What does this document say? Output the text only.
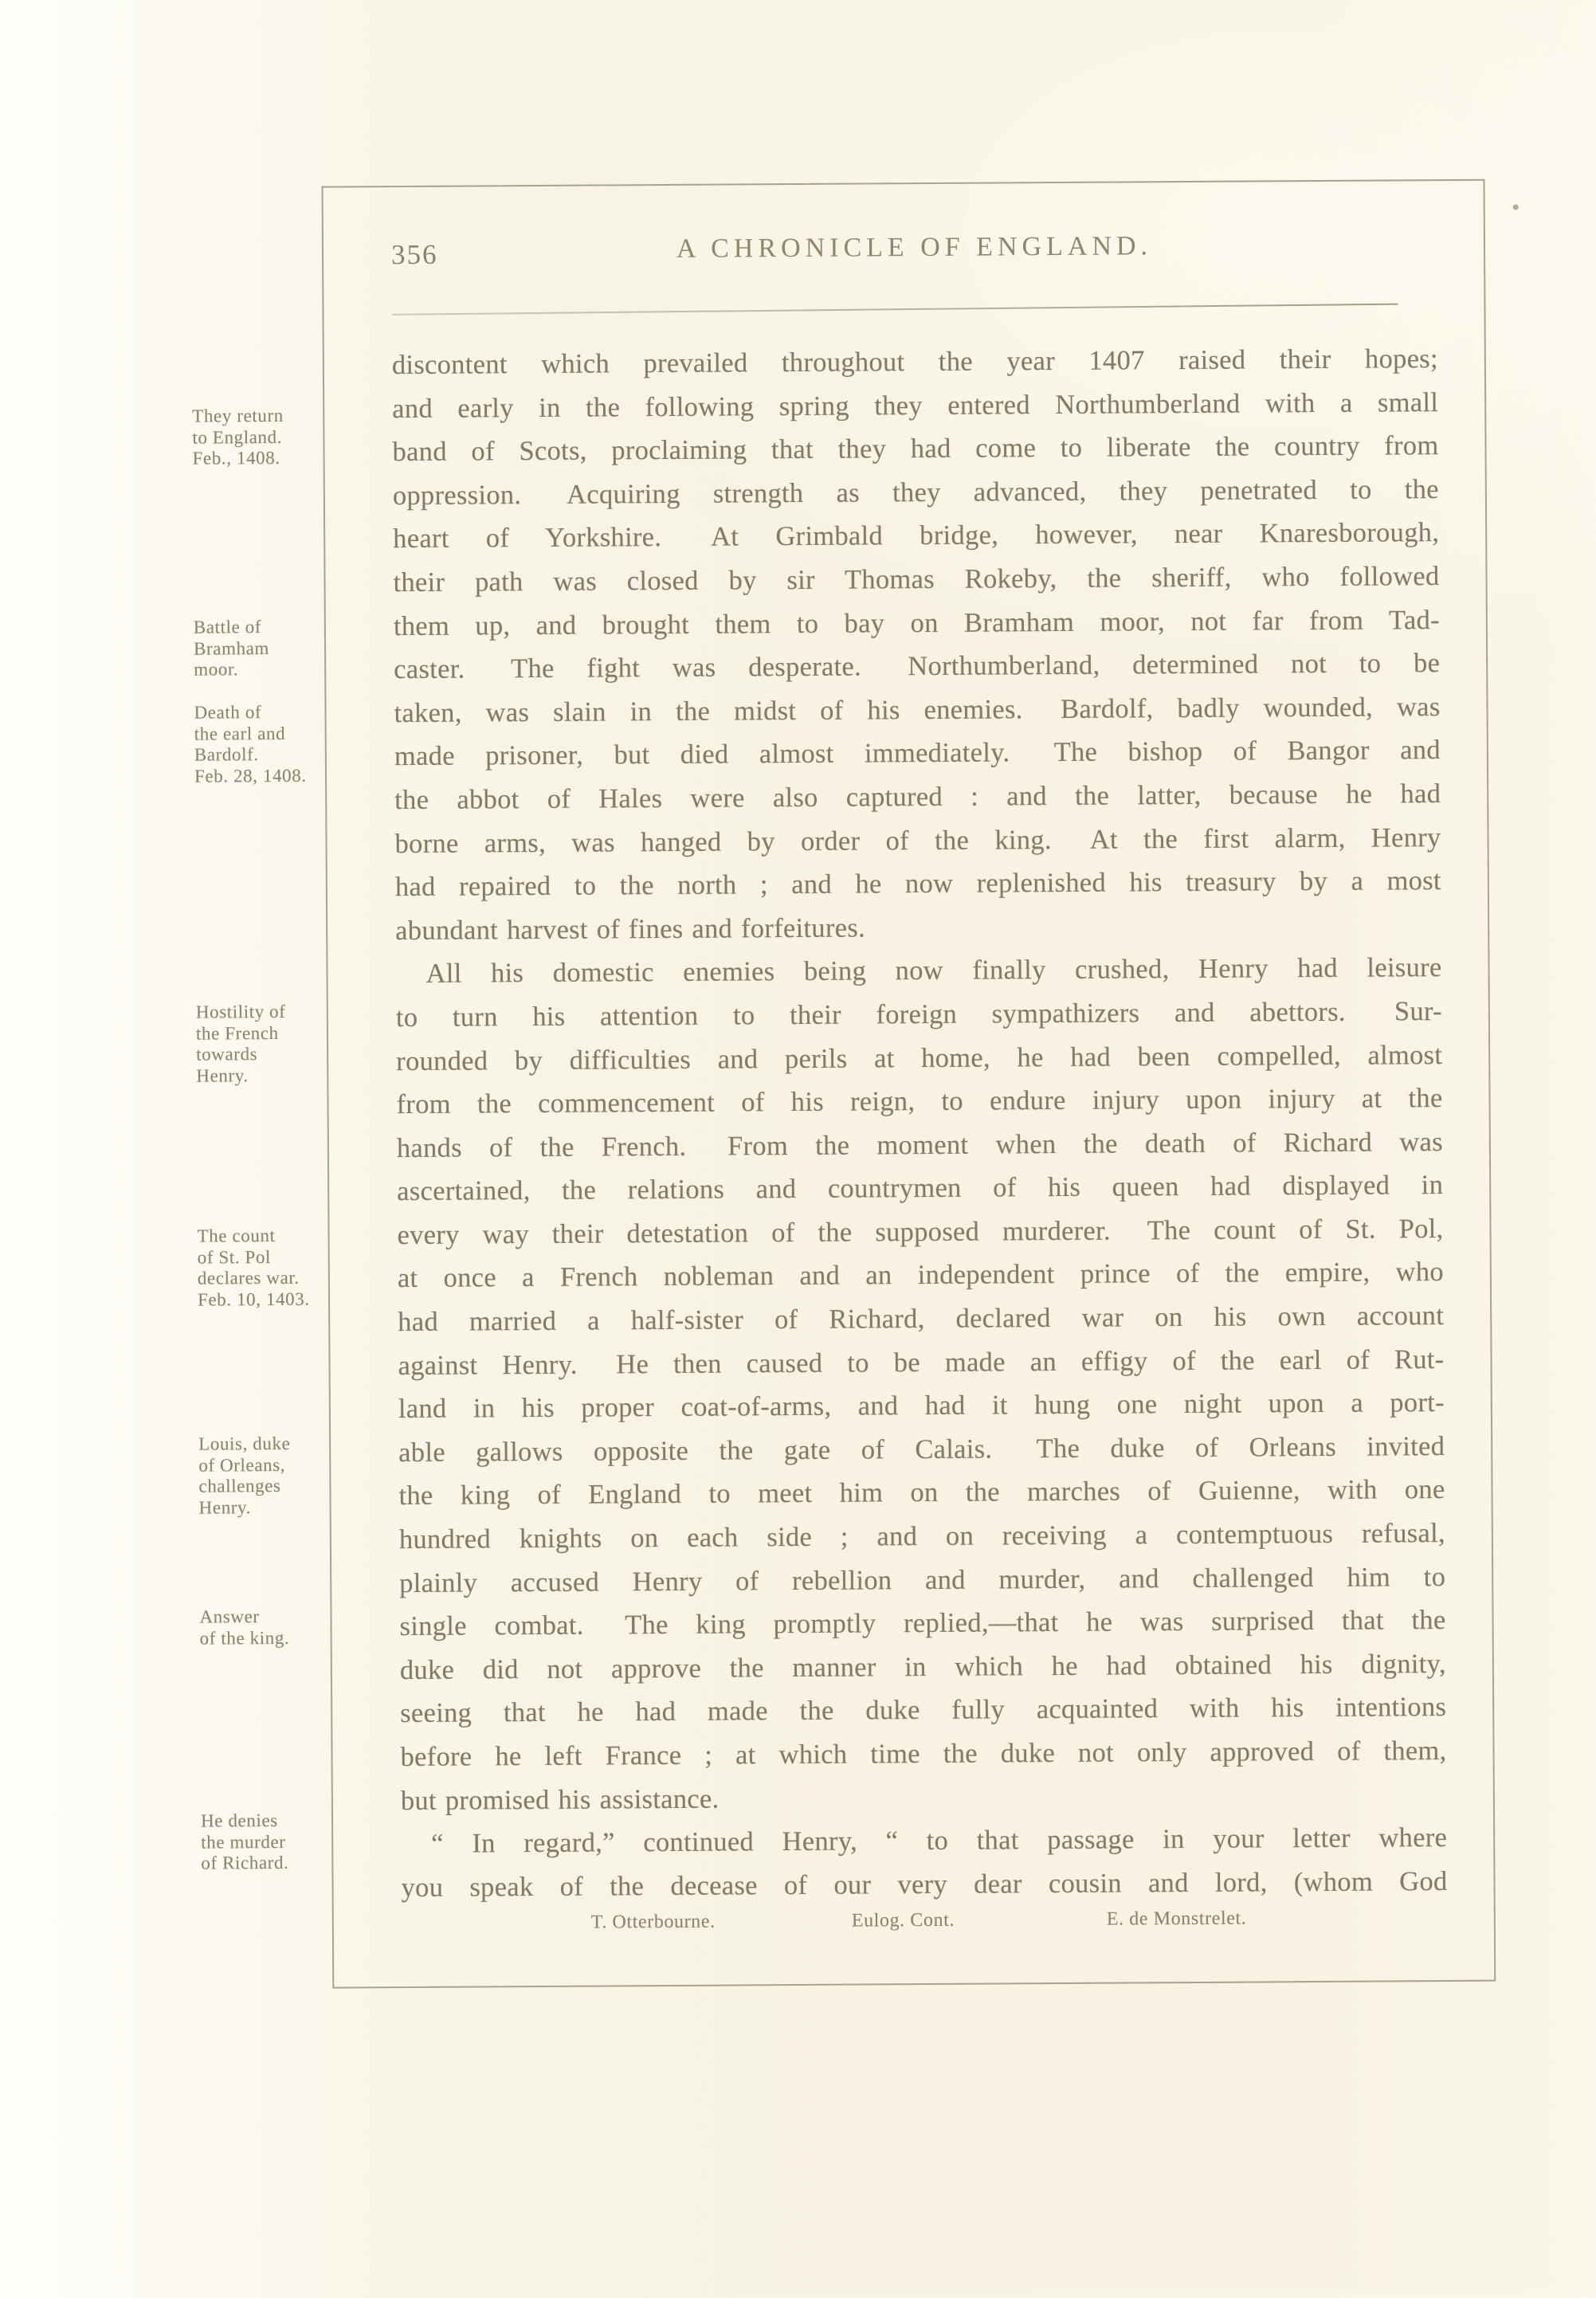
356	A CHRONICLE OF ENGLAND.
discontent which prevailed throughout the year 1407 raised their hopes;
and early in the following spring they entered Northumberland with a small
band of Scots, proclaiming that they had come to liberate the country from
oppression.  Acquiring strength as they advanced, they penetrated to the
heart of Yorkshire.  At Grimbald bridge, however, near Knaresborough,
their path was closed by sir Thomas Rokeby, the sheriff, who followed
them up, and brought them to bay on Bramham moor, not far from Tad-
caster.  The fight was desperate.  Northumberland, determined not to be
taken, was slain in the midst of his enemies.  Bardolf, badly wounded, was
made prisoner, but died almost immediately.  The bishop of Bangor and
the abbot of Hales were also captured : and the latter, because he had
borne arms, was hanged by order of the king.  At the first alarm, Henry
had repaired to the north ; and he now replenished his treasury by a most
abundant harvest of fines and forfeitures.
All his domestic enemies being now finally crushed, Henry had leisure
to turn his attention to their foreign sympathizers and abettors.  Sur-
rounded by difficulties and perils at home, he had been compelled, almost
from the commencement of his reign, to endure injury upon injury at the
hands of the French.  From the moment when the death of Richard was
ascertained, the relations and countrymen of his queen had displayed in
every way their detestation of the supposed murderer.  The count of St. Pol,
at once a French nobleman and an independent prince of the empire, who
had married a half-sister of Richard, declared war on his own account
against Henry.  He then caused to be made an effigy of the earl of Rut-
land in his proper coat-of-arms, and had it hung one night upon a port-
able gallows opposite the gate of Calais.  The duke of Orleans invited
the king of England to meet him on the marches of Guienne, with one
hundred knights on each side ; and on receiving a contemptuous refusal,
plainly accused Henry of rebellion and murder, and challenged him to
single combat.  The king promptly replied,—that he was surprised that the
duke did not approve the manner in which he had obtained his dignity,
seeing that he had made the duke fully acquainted with his intentions
before he left France ; at which time the duke not only approved of them,
but promised his assistance.
“ In regard,” continued Henry, “ to that passage in your letter where
you speak of the decease of our very dear cousin and lord, (whom God
They return
to England.
Feb., 1408.
Battle of
Bramham
moor.
Death of
the earl and
Bardolf.
Feb. 28, 1408.
Hostility of
the French
towards
Henry.
The count
of St. Pol
declares war.
Feb. 10, 1403.
Louis, duke
of Orleans,
challenges
Henry.
Answer
of the king.
He denies
the murder
of Richard.
T. Otterbourne.	Eulog. Cont.	E. de Monstrelet.
